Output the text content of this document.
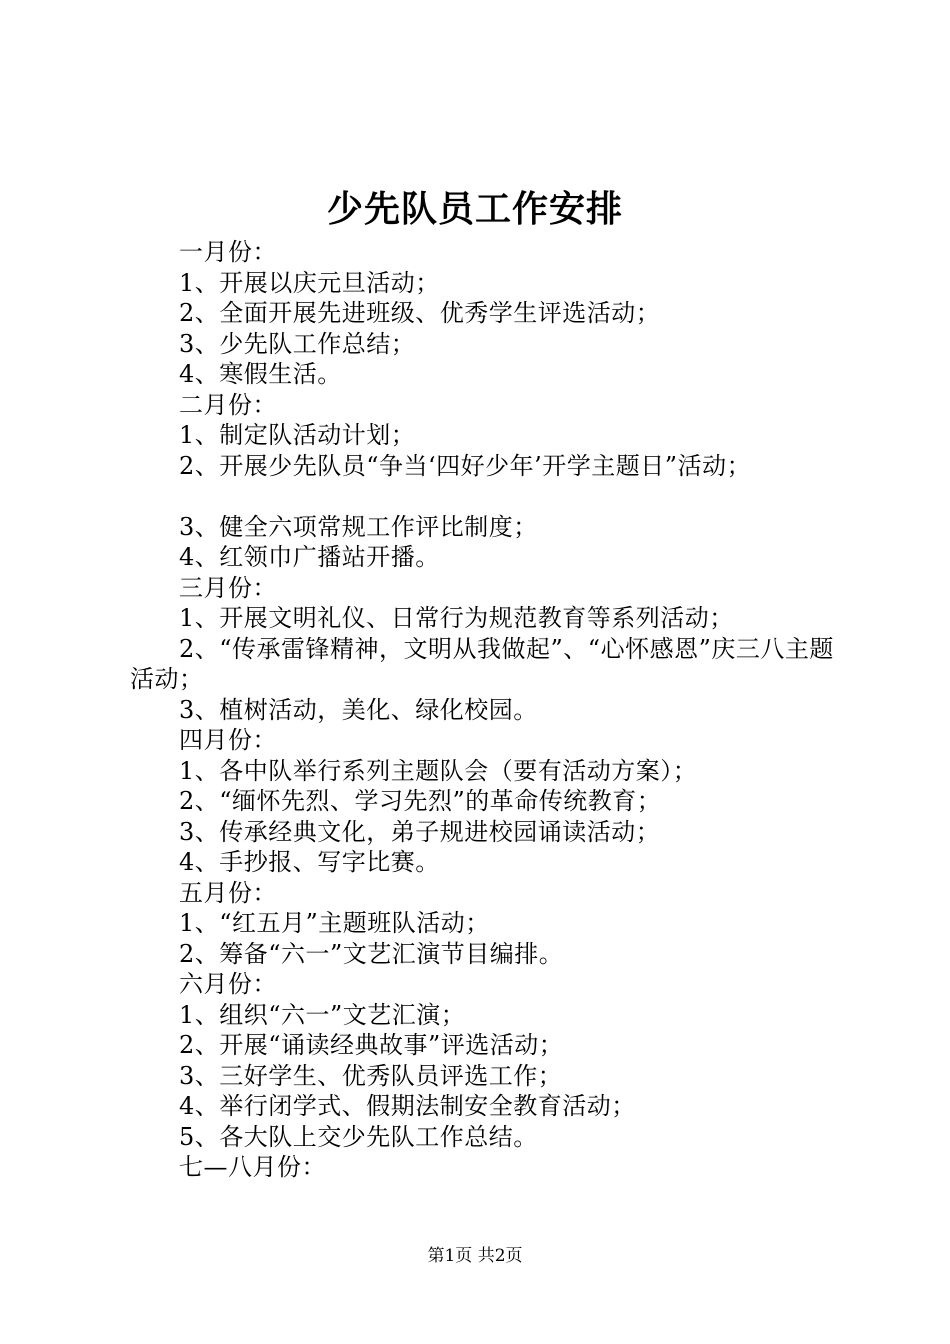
少先队员工作安排

一月份：

1、开展以庆元旦活动；

2、全面开展先进班级、优秀学生评选活动；

3、少先队工作总结；

4、寒假生活。

二月份：

1、制定队活动计划；

2、开展少先队员“争当‘四好少年’开学主题日”活动；

3、健全六项常规工作评比制度；

4、红领巾广播站开播。

三月份：

1、开展文明礼仪、日常行为规范教育等系列活动；

2、“传承雷锋精神，文明从我做起”、“心怀感恩”庆三八主题活动；

3、植树活动，美化、绿化校园。

四月份：

1、各中队举行系列主题队会（要有活动方案）；

2、“缅怀先烈、学习先烈”的革命传统教育；

3、传承经典文化，弟子规进校园诵读活动；

4、手抄报、写字比赛。

五月份：

1、“红五月”主题班队活动；

2、筹备“六一”文艺汇演节目编排。

六月份：

1、组织“六一”文艺汇演；

2、开展“诵读经典故事”评选活动；

3、三好学生、优秀队员评选工作；

4、举行闭学式、假期法制安全教育活动；

5、各大队上交少先队工作总结。

七—八月份：

第1页 共2页
